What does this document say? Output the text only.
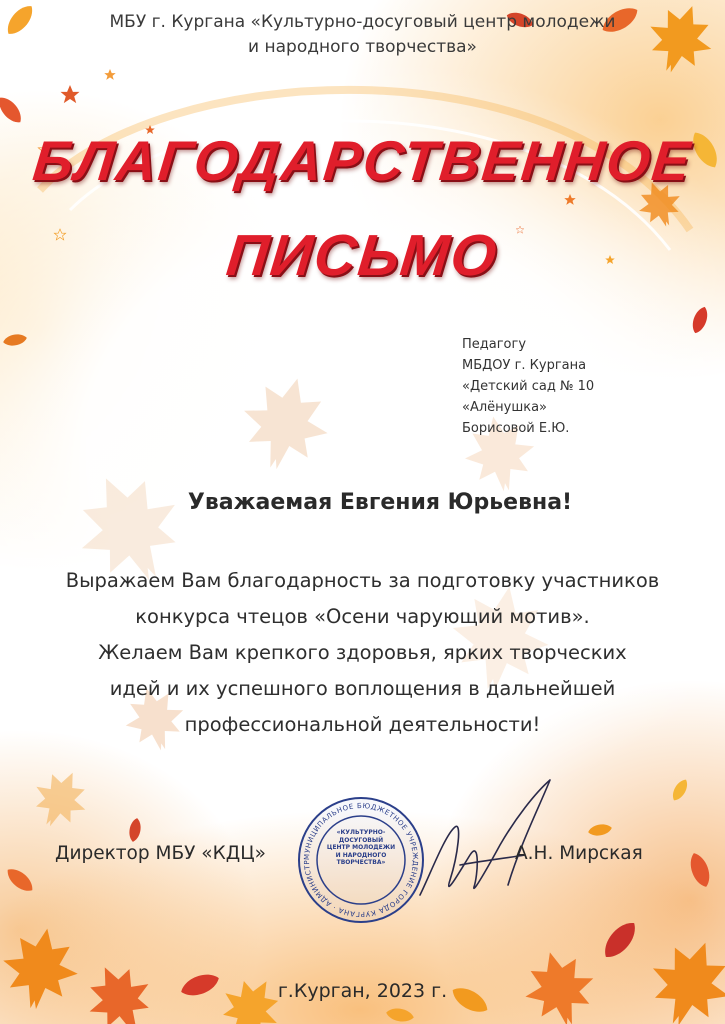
МБУ г. Кургана «Культурно-досуговый центр молодежи
и народного творчества»
БЛАГОДАРСТВЕННОЕ
ПИСЬМО
Педагогу
МБДОУ г. Кургана
«Детский сад № 10
«Алёнушка»
Борисовой Е.Ю.
Уважаемая Евгения Юрьевна!
Выражаем Вам благодарность за подготовку участников
конкурса чтецов «Осени чарующий мотив».
Желаем Вам крепкого здоровья, ярких творческих
идей и их успешного воплощения в дальнейшей
профессиональной деятельности!
Директор МБУ «КДЦ»	МУНИЦИПАЛЬНОЕ БЮДЖЕТНОЕ УЧРЕЖДЕНИЕ ГОРОДА КУРГАНА · АДМИНИСТР
«КУЛЬТУРНО-
ДОСУГОВЫЙ
ЦЕНТР МОЛОДЕЖИ
И НАРОДНОГО
ТВОРЧЕСТВА»	А.Н. Мирская
г.Курган, 2023 г.
